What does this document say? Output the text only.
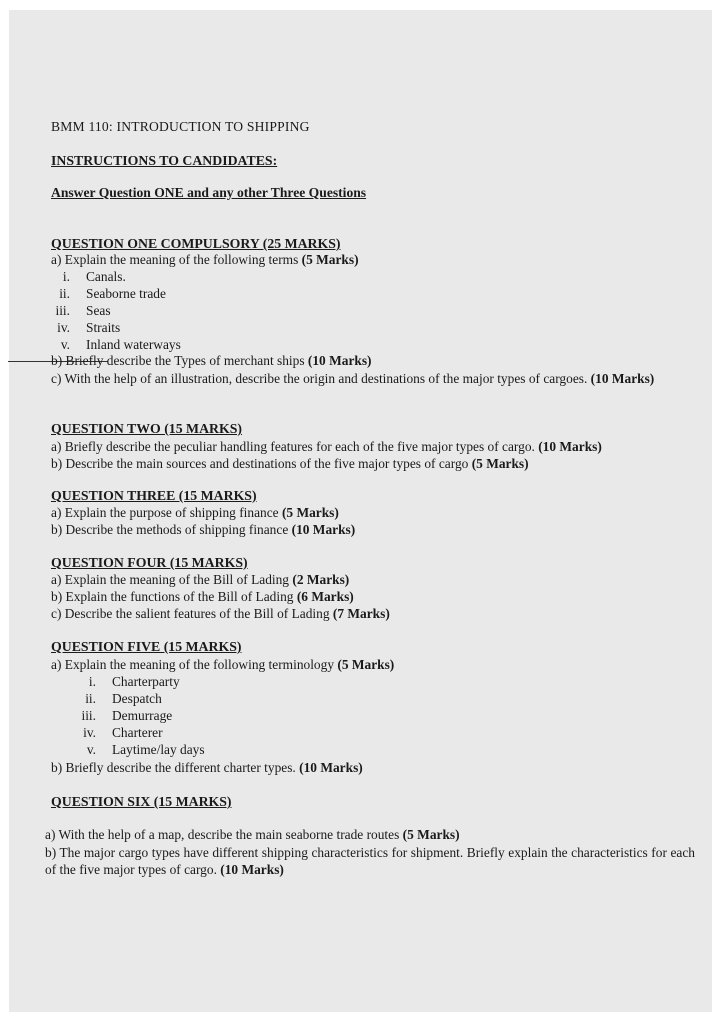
BMM 110: INTRODUCTION TO SHIPPING
INSTRUCTIONS TO CANDIDATES:
Answer Question ONE and any other Three Questions
QUESTION ONE COMPULSORY (25 MARKS)
a) Explain the meaning of the following terms (5 Marks)
i. Canals.
ii. Seaborne trade
iii. Seas
iv. Straits
v. Inland waterways
b) Briefly describe the Types of merchant ships (10 Marks)
c) With the help of an illustration, describe the origin and destinations of the major types of cargoes. (10 Marks)
QUESTION TWO (15 MARKS)
a) Briefly describe the peculiar handling features for each of the five major types of cargo. (10 Marks)
b) Describe the main sources and destinations of the five major types of cargo (5 Marks)
QUESTION THREE (15 MARKS)
a) Explain the purpose of shipping finance (5 Marks)
b) Describe the methods of shipping finance (10 Marks)
QUESTION FOUR (15 MARKS)
a) Explain the meaning of the Bill of Lading (2 Marks)
b) Explain the functions of the Bill of Lading (6 Marks)
c) Describe the salient features of the Bill of Lading (7 Marks)
QUESTION FIVE (15 MARKS)
a) Explain the meaning of the following terminology (5 Marks)
i. Charterparty
ii. Despatch
iii. Demurrage
iv. Charterer
v. Laytime/lay days
b) Briefly describe the different charter types. (10 Marks)
QUESTION SIX (15 MARKS)
a) With the help of a map, describe the main seaborne trade routes (5 Marks)
b) The major cargo types have different shipping characteristics for shipment. Briefly explain the characteristics for each of the five major types of cargo. (10 Marks)
